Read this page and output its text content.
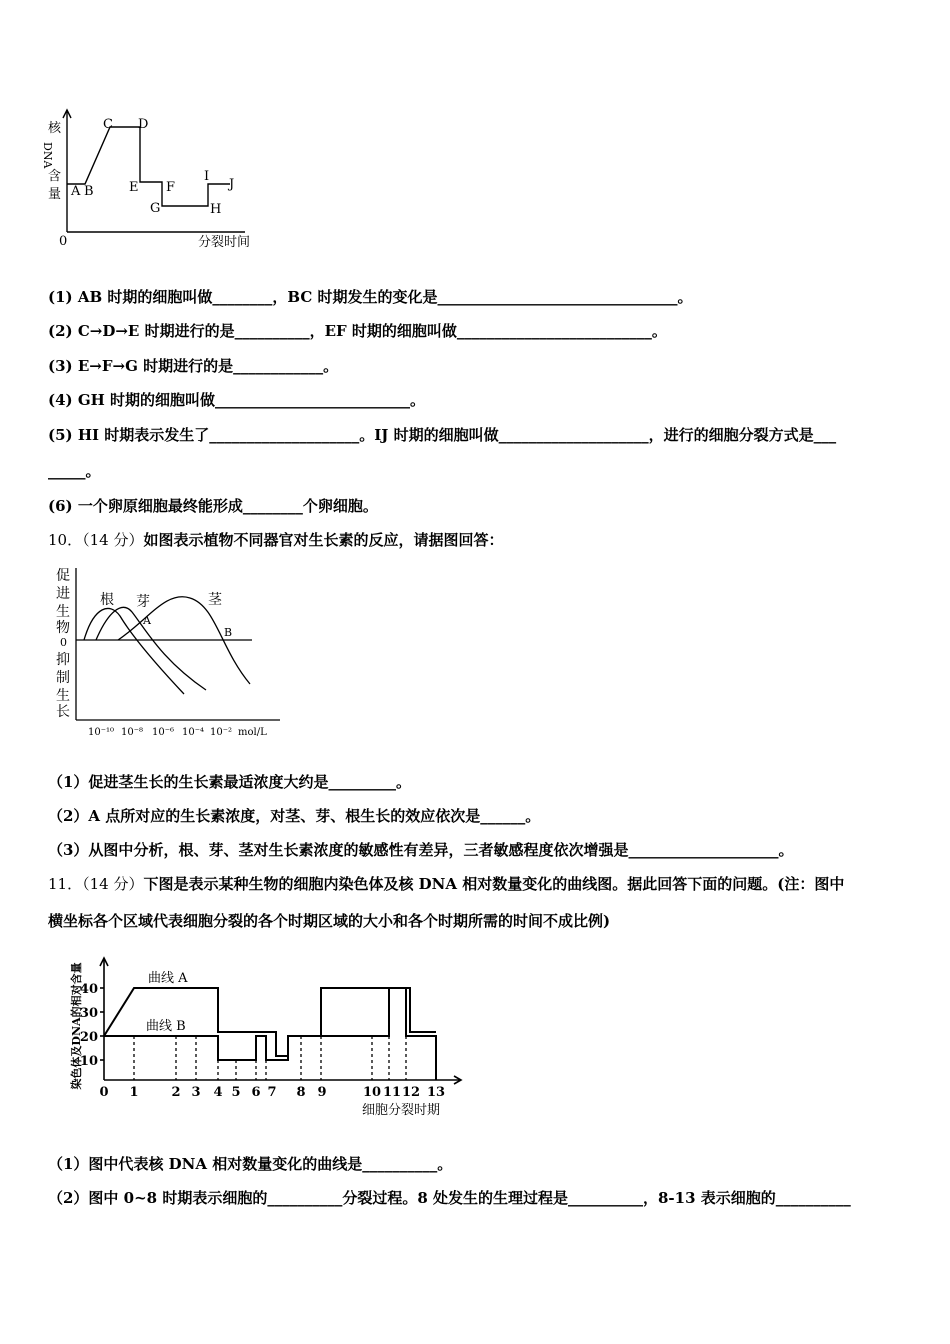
核
DNA
含
量
0	分裂时间
A B
C D
E F
G	H
I
J
(1) AB 时期的细胞叫做________，BC 时期发生的变化是________________________________。
(2) C→D→E 时期进行的是__________，EF 时期的细胞叫做__________________________。
(3) E→F→G 时期进行的是____________。
(4) GH 时期的细胞叫做__________________________。
(5) HI 时期表示发生了____________________。IJ 时期的细胞叫做____________________，进行的细胞分裂方式是___
_____。
(6) 一个卵原细胞最终能形成________个卵细胞。
10．（14 分）如图表示植物不同器官对生长素的反应，请据图回答：
促
进
生
物
0
抑
制
生
长
根 芽	茎
A
B
10⁻¹⁰ 10⁻⁸ 10⁻⁶ 10⁻⁴ 10⁻² mol/L
（1）促进茎生长的生长素最适浓度大约是_________。
（2）A 点所对应的生长素浓度，对茎、芽、根生长的效应依次是______。
（3）从图中分析，根、芽、茎对生长素浓度的敏感性有差异，三者敏感程度依次增强是____________________。
11．（14 分）下图是表示某种生物的细胞内染色体及核 DNA 相对数量变化的曲线图。据此回答下面的问题。(注：图中
横坐标各个区域代表细胞分裂的各个时期区域的大小和各个时期所需的时间不成比例)
染色体及DNA的相对含量
10
20
30
40
曲线 A
曲线 B
0 1	2 3 4 5 6 7 8 9	10 11 12 13
细胞分裂时期
（1）图中代表核 DNA 相对数量变化的曲线是__________。
（2）图中 0~8 时期表示细胞的__________分裂过程。8 处发生的生理过程是__________，8-13 表示细胞的__________
